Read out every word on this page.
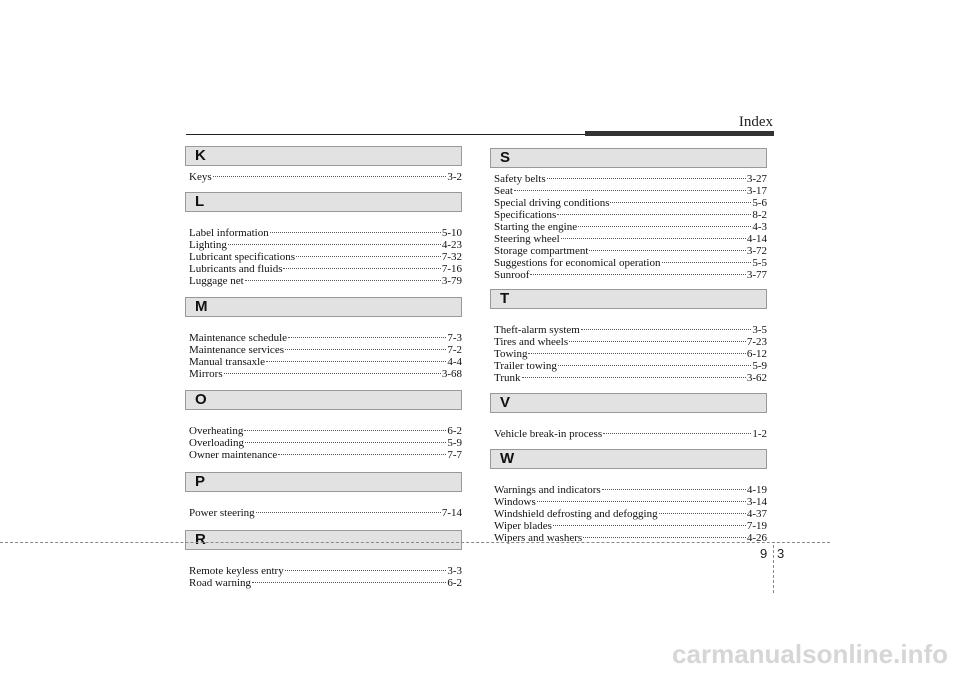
Index
K
Keys	3-2
L
Label information	5-10
Lighting	4-23
Lubricant specifications	7-32
Lubricants and fluids	7-16
Luggage net	3-79
M
Maintenance schedule	7-3
Maintenance services	7-2
Manual transaxle	4-4
Mirrors	3-68
O
Overheating	6-2
Overloading	5-9
Owner maintenance	7-7
P
Power steering	7-14
R
Remote keyless entry	3-3
Road warning	6-2
S
Safety belts	3-27
Seat	3-17
Special driving conditions	5-6
Specifications	8-2
Starting the engine	4-3
Steering wheel	4-14
Storage compartment	3-72
Suggestions for economical operation	5-5
Sunroof	3-77
T
Theft-alarm system	3-5
Tires and wheels	7-23
Towing	6-12
Trailer towing	5-9
Trunk	3-62
V
Vehicle break-in process	1-2
W
Warnings and indicators	4-19
Windows	3-14
Windshield defrosting and defogging	4-37
Wiper blades	7-19
Wipers and washers	4-26
9 3
carmanualsonline.info
